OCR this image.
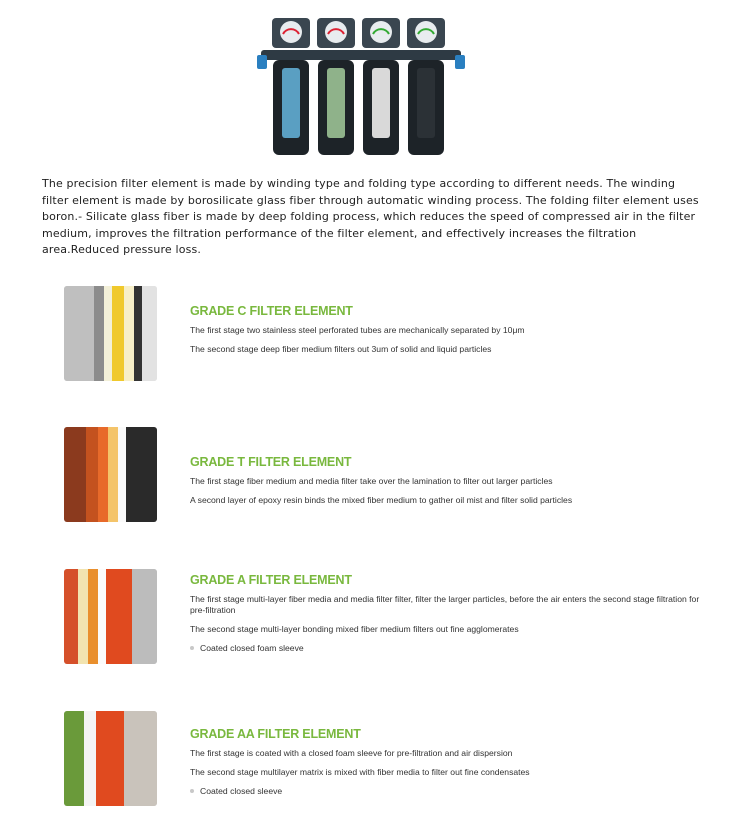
The precision filter element is made by winding type and folding type according to different needs. The winding filter element is made by borosilicate glass fiber through automatic winding process. The folding filter element uses boron.- Silicate glass fiber is made by deep folding process, which reduces the speed of compressed air in the filter medium, improves the filtration performance of the filter element, and effectively increases the filtration area.Reduced pressure loss.
GRADE C FILTER ELEMENT
The first stage two stainless steel perforated tubes are mechanically separated by 10μm
The second stage deep fiber medium filters out 3um of solid and liquid particles
GRADE T FILTER ELEMENT
The first stage fiber medium and media filter take over the lamination to filter out larger particles
A second layer of epoxy resin binds the mixed fiber medium to gather oil mist and filter solid particles
GRADE A FILTER ELEMENT
The first stage multi-layer fiber media and media filter filter, filter the larger particles, before the air enters the second stage filtration for pre-filtration
The second stage multi-layer bonding mixed fiber medium filters out fine agglomerates
Coated closed foam sleeve
GRADE AA FILTER ELEMENT
The first stage is coated with a closed foam sleeve for pre-filtration and air dispersion
The second stage multilayer matrix is mixed with fiber media to filter out fine condensates
Coated closed sleeve
